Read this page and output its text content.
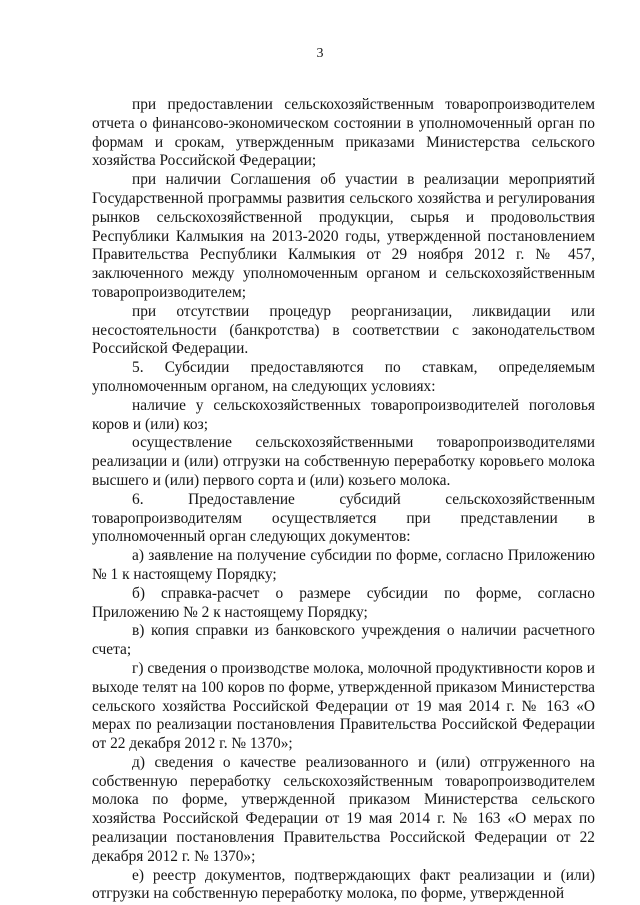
3

при предоставлении сельскохозяйственным товаропроизводителем отчета о финансово-экономическом состоянии в уполномоченный орган по формам и срокам, утвержденным приказами Министерства сельского хозяйства Российской Федерации;

при наличии Соглашения об участии в реализации мероприятий Государственной программы развития сельского хозяйства и регулирования рынков сельскохозяйственной продукции, сырья и продовольствия Республики Калмыкия на 2013-2020 годы, утвержденной постановлением Правительства Республики Калмыкия от 29 ноября 2012 г. № 457, заключенного между уполномоченным органом и сельскохозяйственным товаропроизводителем;

при отсутствии процедур реорганизации, ликвидации или несостоятельности (банкротства) в соответствии с законодательством Российской Федерации.

5. Субсидии предоставляются по ставкам, определяемым уполномоченным органом, на следующих условиях:

наличие у сельскохозяйственных товаропроизводителей поголовья коров и (или) коз;

осуществление сельскохозяйственными товаропроизводителями реализации и (или) отгрузки на собственную переработку коровьего молока высшего и (или) первого сорта и (или) козьего молока.

6. Предоставление субсидий сельскохозяйственным товаропроизводителям осуществляется при представлении в уполномоченный орган следующих документов:

а) заявление на получение субсидии по форме, согласно Приложению № 1 к настоящему Порядку;

б) справка-расчет о размере субсидии по форме, согласно Приложению № 2 к настоящему Порядку;

в) копия справки из банковского учреждения о наличии расчетного счета;

г) сведения о производстве молока, молочной продуктивности коров и выходе телят на 100 коров по форме, утвержденной приказом Министерства сельского хозяйства Российской Федерации от 19 мая 2014 г. № 163 «О мерах по реализации постановления Правительства Российской Федерации от 22 декабря 2012 г. № 1370»;

д) сведения о качестве реализованного и (или) отгруженного на собственную переработку сельскохозяйственным товаропроизводителем молока по форме, утвержденной приказом Министерства сельского хозяйства Российской Федерации от 19 мая 2014 г. № 163 «О мерах по реализации постановления Правительства Российской Федерации от 22 декабря 2012 г. № 1370»;

е) реестр документов, подтверждающих факт реализации и (или) отгрузки на собственную переработку молока, по форме, утвержденной
